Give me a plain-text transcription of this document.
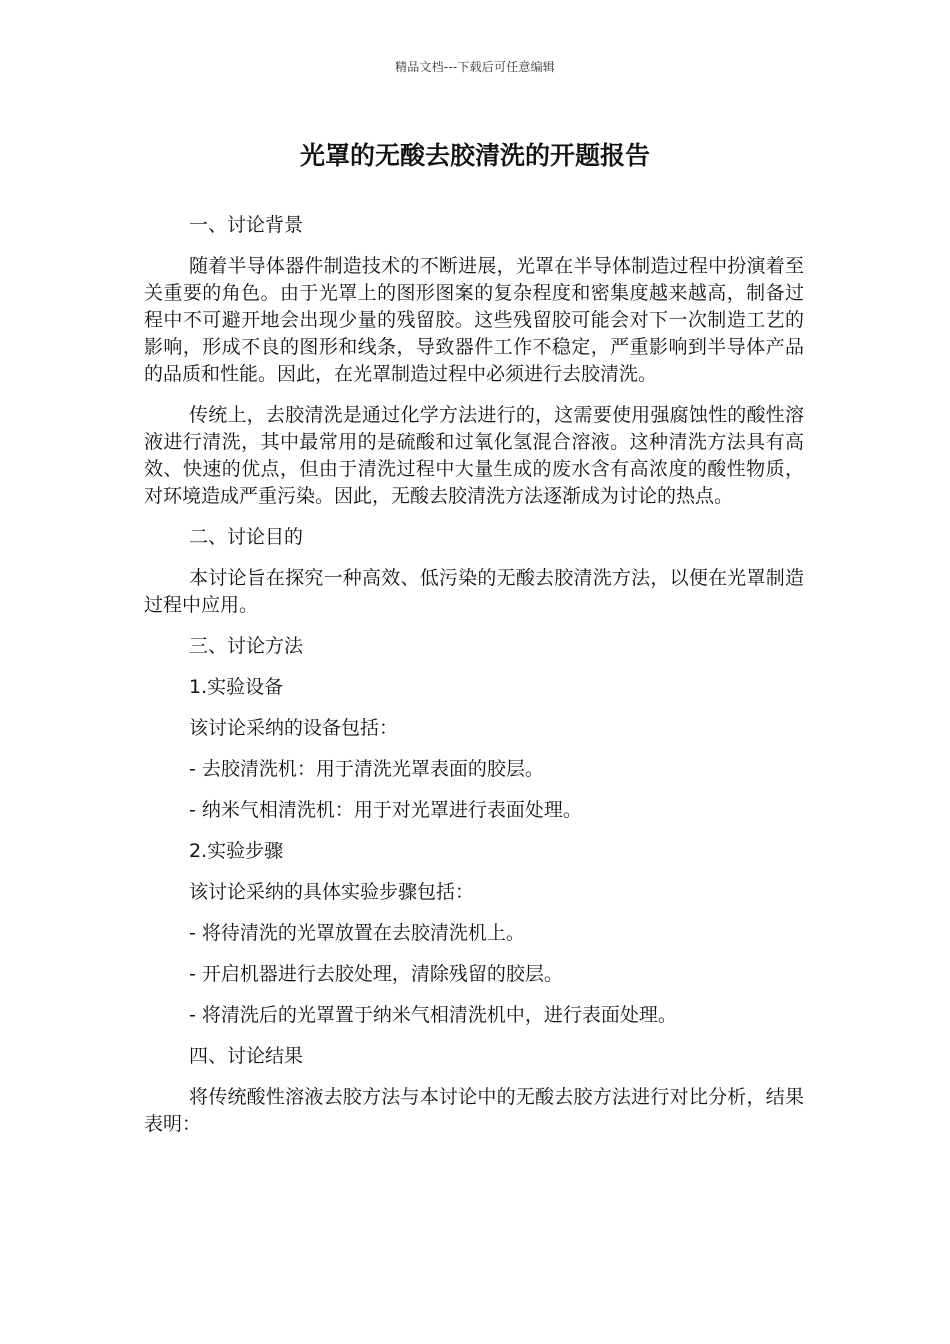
精品文档---下载后可任意编辑
光罩的无酸去胶清洗的开题报告
一、讨论背景

随着半导体器件制造技术的不断进展，光罩在半导体制造过程中扮演着至关重要的角色。由于光罩上的图形图案的复杂程度和密集度越来越高，制备过程中不可避开地会出现少量的残留胶。这些残留胶可能会对下一次制造工艺的影响，形成不良的图形和线条，导致器件工作不稳定，严重影响到半导体产品的品质和性能。因此，在光罩制造过程中必须进行去胶清洗。

传统上，去胶清洗是通过化学方法进行的，这需要使用强腐蚀性的酸性溶液进行清洗，其中最常用的是硫酸和过氧化氢混合溶液。这种清洗方法具有高效、快速的优点，但由于清洗过程中大量生成的废水含有高浓度的酸性物质，对环境造成严重污染。因此，无酸去胶清洗方法逐渐成为讨论的热点。

二、讨论目的

本讨论旨在探究一种高效、低污染的无酸去胶清洗方法，以便在光罩制造过程中应用。

三、讨论方法
1.实验设备
该讨论采纳的设备包括：
- 去胶清洗机：用于清洗光罩表面的胶层。
- 纳米气相清洗机：用于对光罩进行表面处理。
2.实验步骤
该讨论采纳的具体实验步骤包括：
- 将待清洗的光罩放置在去胶清洗机上。
- 开启机器进行去胶处理，清除残留的胶层。
- 将清洗后的光罩置于纳米气相清洗机中，进行表面处理。
四、讨论结果

将传统酸性溶液去胶方法与本讨论中的无酸去胶方法进行对比分析，结果表明：
